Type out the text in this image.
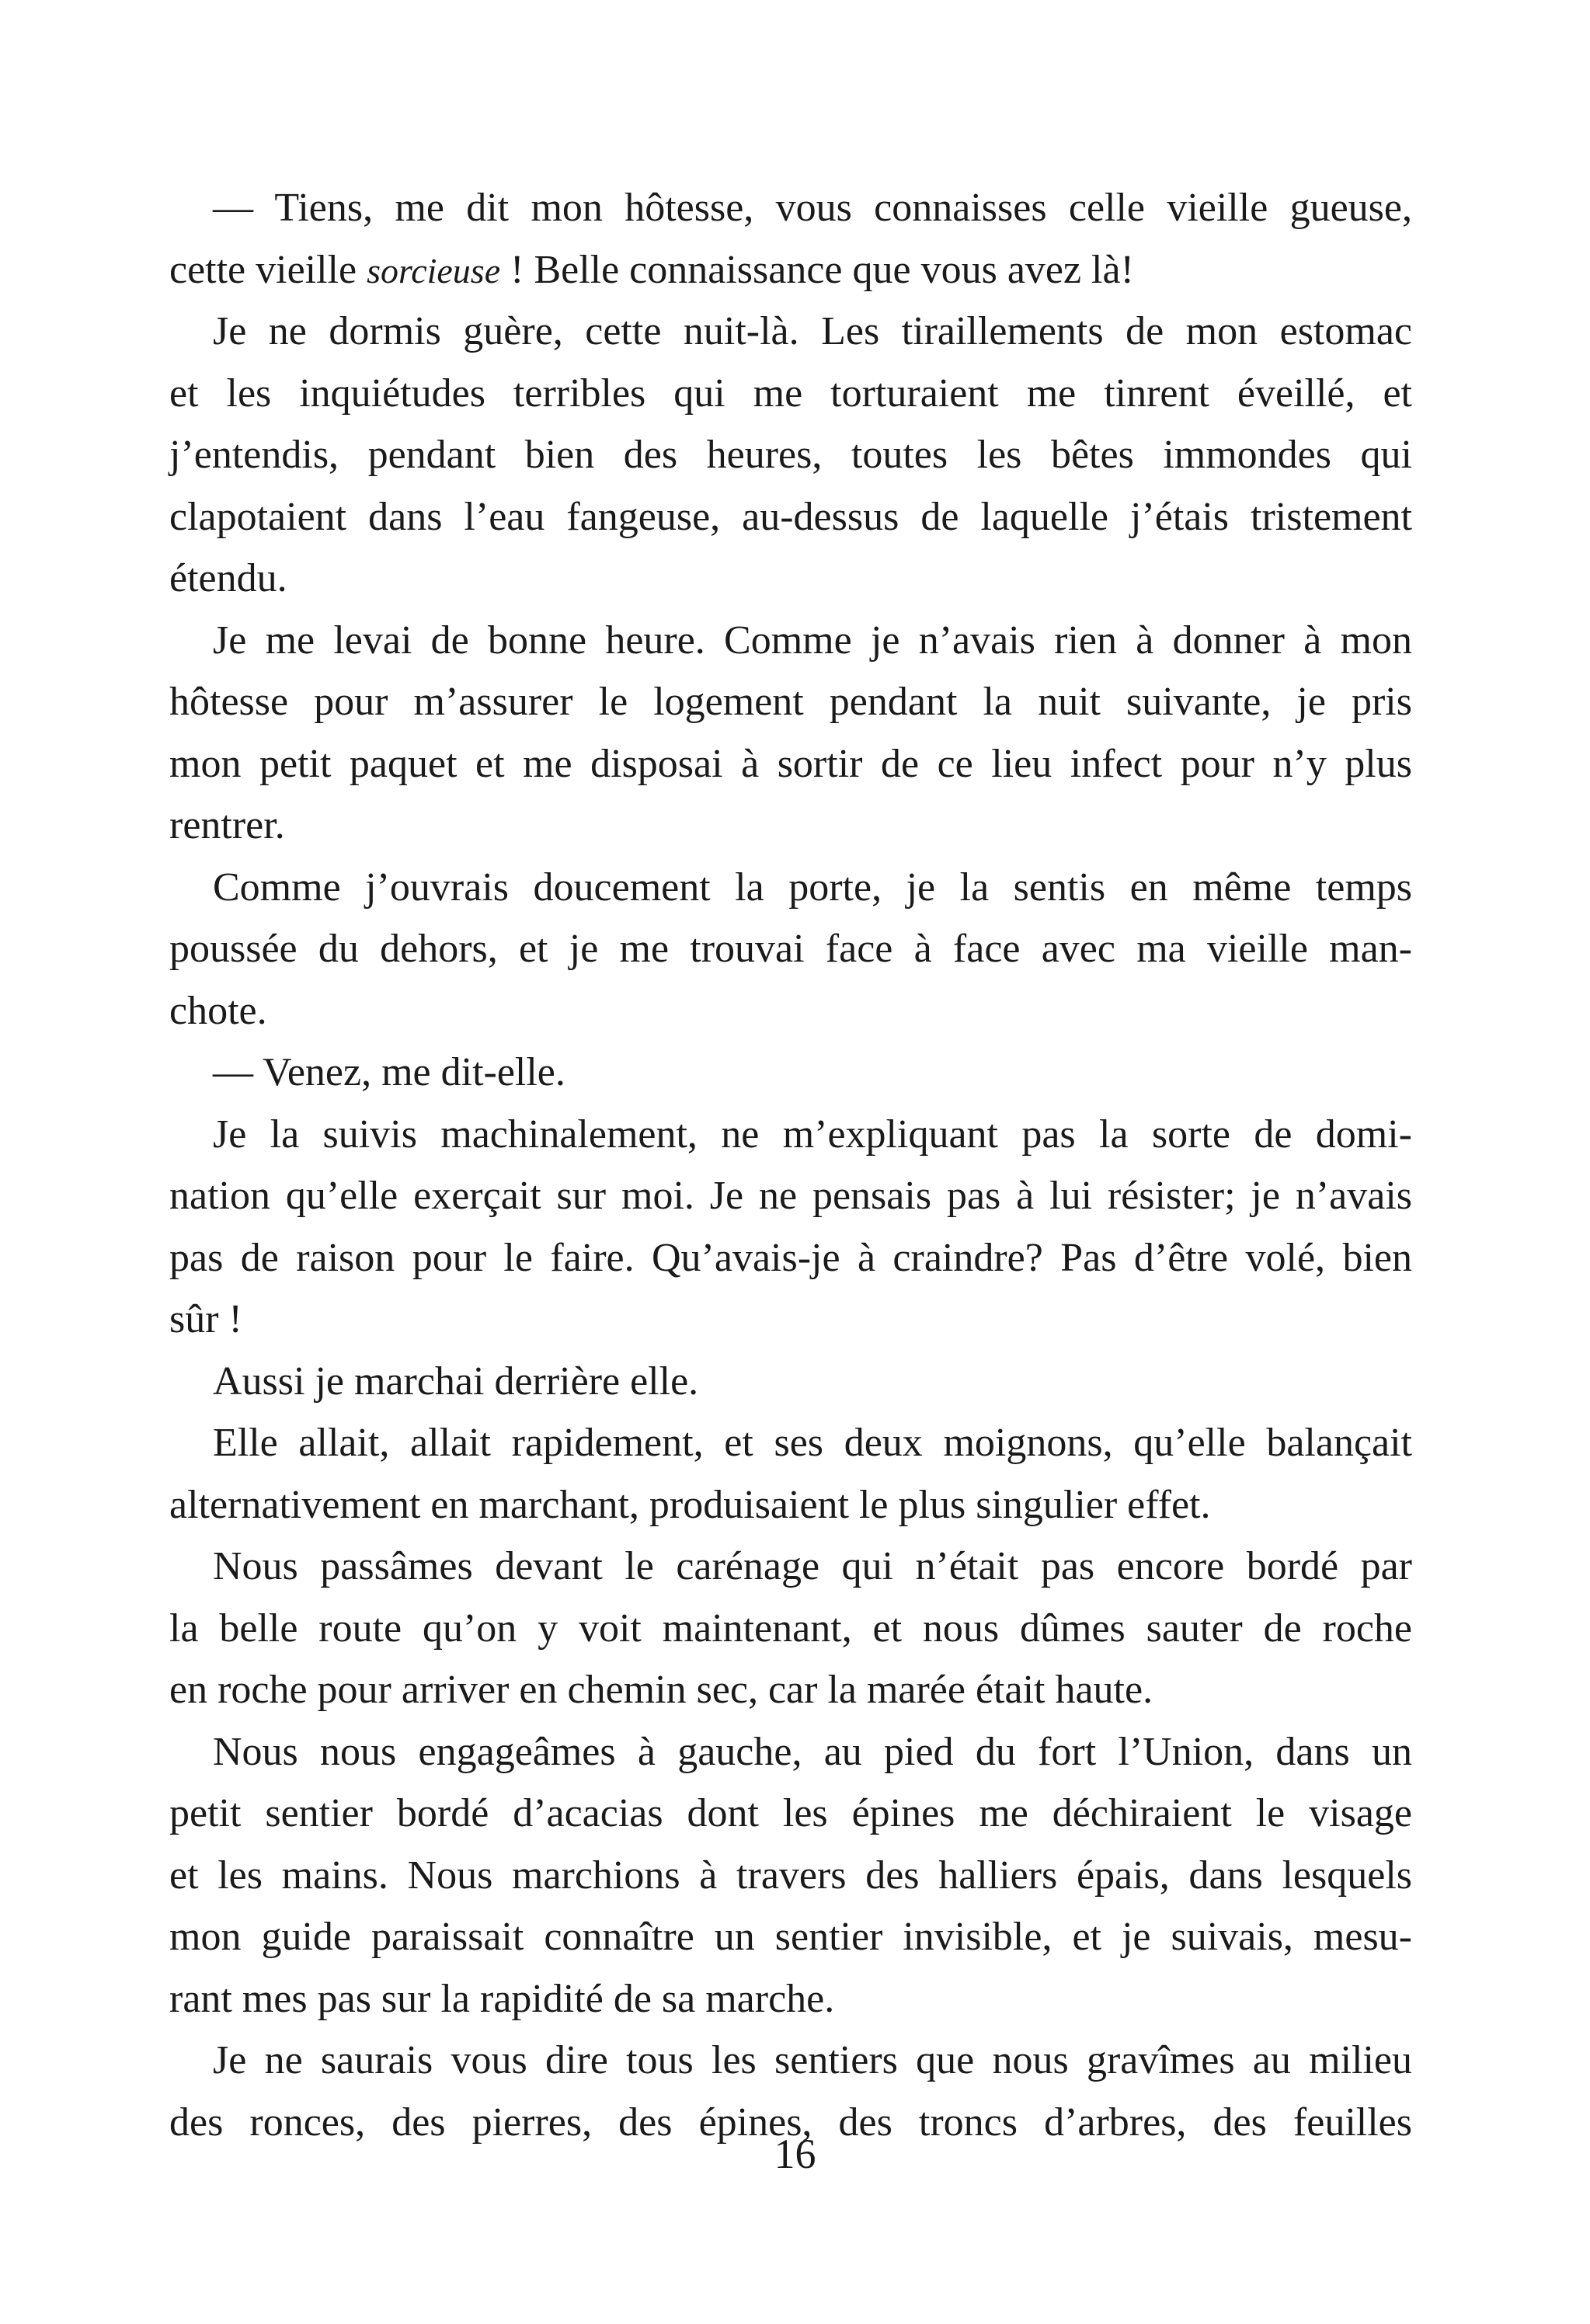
— Tiens, me dit mon hôtesse, vous connaisses celle vieille gueuse,
cette vieille sorcieuse ! Belle connaissance que vous avez là!
Je ne dormis guère, cette nuit-là. Les tiraillements de mon estomac
et les inquiétudes terribles qui me torturaient me tinrent éveillé, et
j’entendis, pendant bien des heures, toutes les bêtes immondes qui
clapotaient dans l’eau fangeuse, au-dessus de laquelle j’étais tristement
étendu.
Je me levai de bonne heure. Comme je n’avais rien à donner à mon
hôtesse pour m’assurer le logement pendant la nuit suivante, je pris
mon petit paquet et me disposai à sortir de ce lieu infect pour n’y plus
rentrer.
Comme j’ouvrais doucement la porte, je la sentis en même temps
poussée du dehors, et je me trouvai face à face avec ma vieille man-
chote.
— Venez, me dit-elle.
Je la suivis machinalement, ne m’expliquant pas la sorte de domi-
nation qu’elle exerçait sur moi. Je ne pensais pas à lui résister; je n’avais
pas de raison pour le faire. Qu’avais-je à craindre? Pas d’être volé, bien
sûr !
Aussi je marchai derrière elle.
Elle allait, allait rapidement, et ses deux moignons, qu’elle balançait
alternativement en marchant, produisaient le plus singulier effet.
Nous passâmes devant le carénage qui n’était pas encore bordé par
la belle route qu’on y voit maintenant, et nous dûmes sauter de roche
en roche pour arriver en chemin sec, car la marée était haute.
Nous nous engageâmes à gauche, au pied du fort l’Union, dans un
petit sentier bordé d’acacias dont les épines me déchiraient le visage
et les mains. Nous marchions à travers des halliers épais, dans lesquels
mon guide paraissait connaître un sentier invisible, et je suivais, mesu-
rant mes pas sur la rapidité de sa marche.
Je ne saurais vous dire tous les sentiers que nous gravîmes au milieu
des ronces, des pierres, des épines, des troncs d’arbres, des feuilles
16
